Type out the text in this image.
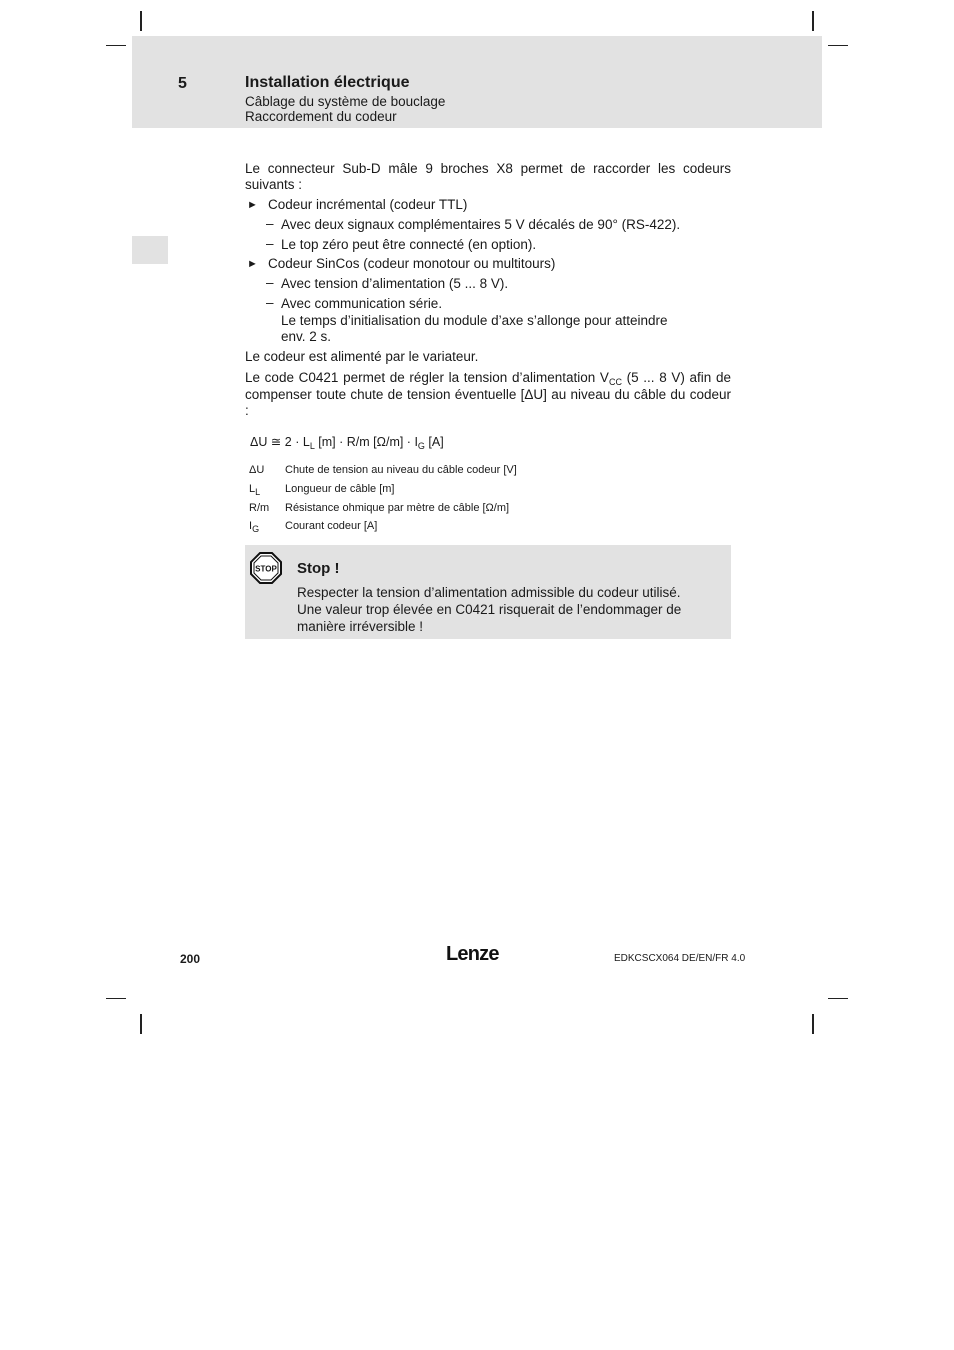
5	Installation électrique
Câblage du système de bouclage
Raccordement du codeur
Le connecteur Sub-D mâle 9 broches X8 permet de raccorder les codeurs suivants :
► Codeur incrémental (codeur TTL)
– Avec deux signaux complémentaires 5 V décalés de 90° (RS-422).
– Le top zéro peut être connecté (en option).
► Codeur SinCos (codeur monotour ou multitours)
– Avec tension d’alimentation (5 ... 8 V).
– Avec communication série.
Le temps d’initialisation du module d’axe s’allonge pour atteindre
env. 2 s.
Le codeur est alimenté par le variateur.
Le code C0421 permet de régler la tension d’alimentation $V_{CC}$ (5 ... 8 V) afin de compenser toute chute de tension éventuelle [ΔU] au niveau du câble du codeur :
ΔU ≅ $2 \cdot L_L$ [m] · R/m $[\Omega/m] \cdot I_G$ [A]
ΔU Chute de tension au niveau du câble codeur [V]
$L_L$ Longueur de câble [m]
R/m Résistance ohmique par mètre de câble [Ω/m]
$I_G$ Courant codeur [A]
STOP Stop !
Respecter la tension d’alimentation admissible du codeur utilisé.
Une valeur trop élevée en C0421 risquerait de l’endommager de
manière irréversible !
200	Lenze	EDKCSCX064 DE/EN/FR 4.0
